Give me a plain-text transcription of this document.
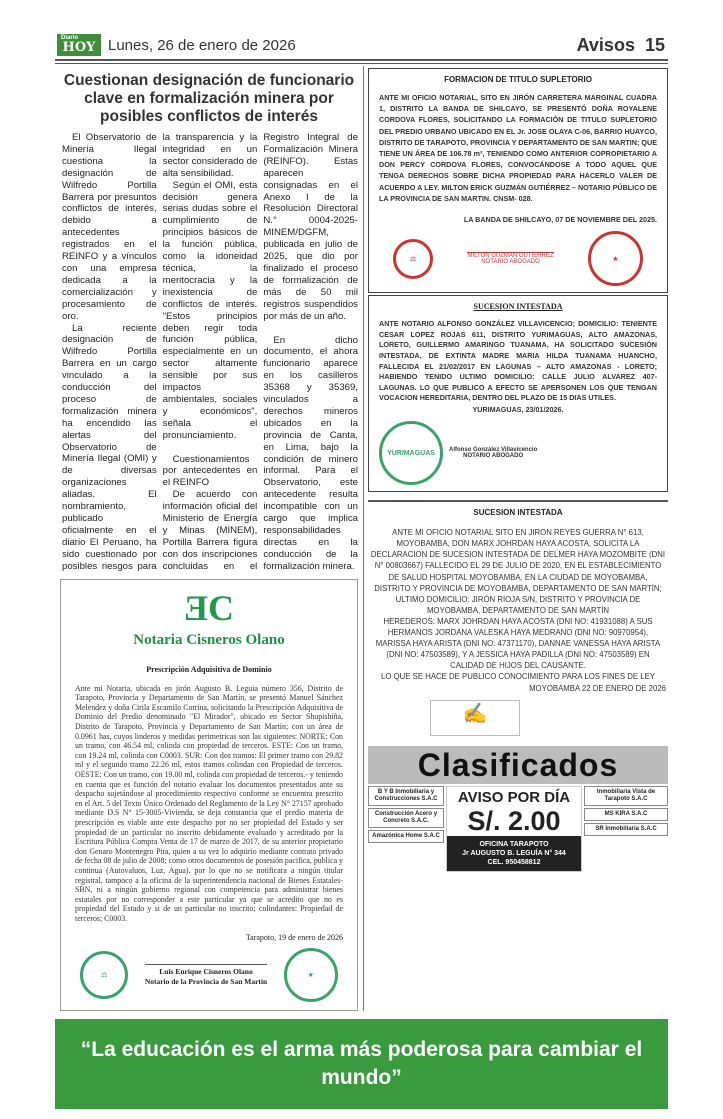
Diario
HOY Lunes, 26 de enero de 2026	Avisos 15
Cuestionan designación de funcionario clave en formalización minera por posibles conflictos de interés

El Observatorio de Minería Ilegal cuestiona la designación de Wilfredo Portilla Barrera por presuntos conflictos de interés, debido a antecedentes registrados en el REINFO y a vínculos con una empresa dedicada a la comercialización y procesamiento de oro.

La reciente designación de Wilfredo Portilla Barrera en un cargo vinculado a la conducción del proceso de formalización minera ha encendido las alertas del Observatorio de Minería Ilegal (OMI) y de diversas organizaciones aliadas. El nombramiento, publicado oficialmente en el diario El Peruano, ha sido cuestionado por posibles riesgos para la transparencia y la integridad en un sector considerado de alta sensibilidad.

Según el OMI, esta decisión genera serias dudas sobre el cumplimiento de principios básicos de la función pública, como la idoneidad técnica, la meritocracia y la inexistencia de conflictos de interés. "Estos principios deben regir toda función pública, especialmente en un sector altamente sensible por sus impactos ambientales, sociales y económicos", señala el pronunciamiento.

Cuestionamientos por antecedentes en el REINFO

De acuerdo con información oficial del Ministerio de Energía y Minas (MINEM), Portilla Barrera figura con dos inscripciones concluidas en el Registro Integral de Formalización Minera (REINFO). Estas aparecen consignadas en el Anexo I de la Resolución Directoral N.° 0004-2025-MINEM/DGFM, publicada en julio de 2025, que dio por finalizado el proceso de formalización de más de 50 mil registros suspendidos por más de un año.

En dicho documento, el ahora funcionario aparece en los casilleros 35368 y 35369, vinculados a derechos mineros ubicados en la provincia de Canta, en Lima, bajo la condición de minero informal. Para el Observatorio, este antecedente resulta incompatible con un cargo que implica responsabilidades directas en la conducción de la formalización minera.

ƎC
Notaria Cisneros Olano
Prescripción Adquisitiva de Dominio

Ante mi Notaria, ubicada en jirón Augusto B. Leguia número 356, Distrito de Tarapoto, Provincia y Departamento de San Martín, se presentó Manuel Sánchez Melendez y doña Cirila Escamilo Cotrina, solicitando la Prescripción Adquisitiva de Dominio del Predio denominado "El Mirador", ubicado en Sector Shupishiña, Distrito de Tarapoto, Provincia y Departamento de San Martín; con un área de 0.0961 has, cuyos linderos y medidas perimetricas son las siguientes: NORTE: Con un tramo, con 46.54 ml, colinda con propiedad de terceros. ESTE: Con un tramo, con 19.24 ml, colinda con C0003. SUR: Con dos tramos: El primer tramo con 29.82 ml y el segundo tramo 22.26 ml, estos tramos colindan con Propiedad de terceros. OESTE: Con un tramo, con 19.00 ml, colinda con propiedad de terceros.- y teniendo en cuenta que es función del notario evaluar los documentos presentados ante su despacho sujetándose al procedimiento respectivo conforme se encuentra prescrito en el Art. 5 del Texto Único Ordenado del Reglamento de la Ley N° 27157 aprobado mediante D.S N° 15-3005-Vivienda, se deja constancia que el predio materia de prescripción es viable ante este despacho por no ser propiedad del Estado y ser propiedad de un particular no inscrito debidamente evaluado y acreditado por la Escritura Pública Compra Venta de 17 de marzo de 2017, de su anterior propietario don Genaro Montenegro Pita, quien a su vez lo adquirio mediante contrato privado de fecha 08 de julio de 2008; como otros documentos de posesión pacifica, publica y continua (Autovaluos, Luz, Agua). por lo que no se notificara a ningún titular registral, tampoco a la oficina de la superintendencia nacional de Bienes Estatales-SBN, ni a ningún gobierno regional con competencia para administrar bienes estatales por no corresponder a este particular ya que se acredito que no es propiedad del Estado y si de un particular no inscrito; colindantes: Propiedad de terceros; C0003.

Tarapoto, 19 de enero de 2026
⚖	Luis Enrique Cisneros Olano
Notario de la Provincia de San Martín
★
FORMACION DE TITULO SUPLETORIO

ANTE MI OFICIO NOTARIAL, SITO EN JIRÓN CARRETERA MARGINAL CUADRA 1, DISTRITO LA BANDA DE SHILCAYO, SE PRESENTÓ DOÑA ROYALENE CORDOVA FLORES, SOLICITANDO LA FORMACIÓN DE TITULO SUPLETORIO DEL PREDIO URBANO UBICADO EN EL Jr. JOSE OLAYA C-06, BARRIO HUAYCO, DISTRITO DE TARAPOTO, PROVINCIA Y DEPARTAMENTO DE SAN MARTIN; QUE TIENE UN ÁREA DE 106.78 m², TENIENDO COMO ANTERIOR COPROPIETARIO A DON PERCY CORDOVA FLORES, CONVOCÁNDOSE A TODO AQUEL QUE TENGA DERECHOS SOBRE DICHA PROPIEDAD PARA HACERLO VALER DE ACUERDO A LEY. MILTON ERICK GUZMÁN GUTIÉRREZ – NOTARIO PÚBLICO DE LA PROVINCIA DE SAN MARTIN. CNSM- 028.

LA BANDA DE SHILCAYO, 07 DE NOVIEMBRE DEL 2025.

⚖	MILTON GUZMAN GUTIERREZ
NOTARIO ABOGADO	★
SUCESION INTESTADA

ANTE NOTARIO ALFONSO GONZÁLEZ VILLAVICENCIO; DOMICILIO: TENIENTE CESAR LOPEZ ROJAS 611, DISTRITO YURIMAGUAS, ALTO AMAZONAS, LORETO, GUILLERMO AMARINGO TUANAMA, HA SOLICITADO SUCESIÓN INTESTADA, DE EXTINTA MADRE MARIA HILDA TUANAMA HUANCHO, FALLECIDA EL 21/02/2017 EN LAGUNAS – ALTO AMAZONAS - LORETO; HABIENDO TENIDO ULTIMO DOMICILIO: CALLE JULIO ALVAREZ 407- LAGUNAS. LO QUE PUBLICO A EFECTO SE APERSONEN LOS QUE TENGAN VOCACION HEREDITARIA, DENTRO DEL PLAZO DE 15 DIAS UTILES.

YURIMAGUAS, 23/01/2026.

YURIMAGUAS	Alfonso González Villavicencio
NOTARIO ABOGADO
SUCESION INTESTADA

ANTE MI OFICIO NOTARIAL SITO EN JIRON REYES GUERRA N° 613, MOYOBAMBA, DON MARX JOHRDAN HAYA ACOSTA, SOLICITA LA DECLARACION DE SUCESION INTESTADA DE DELMER HAYA MOZOMBITE (DNI N° 00803667) FALLECIDO EL 29 DE JULIO DE 2020, EN EL ESTABLECIMIENTO DE SALUD HOSPITAL MOYOBAMBA, EN LA CIUDAD DE MOYOBAMBA, DISTRITO Y PROVINCIA DE MOYOBAMBA, DEPARTAMENTO DE SAN MARTÍN;

ULTIMO DOMICILIO: JIRÓN RIOJA S/N, DISTRITO Y PROVINCIA DE MOYOBAMBA, DEPARTAMENTO DE SAN MARTÍN

HEREDEROS: MARX JOHRDAN HAYA ACOSTA (DNI NO: 41931088) A SUS HERMANOS JORDANA VALESKA HAYA MEDRANO (DNI NO: 90970954), MARISSA HAYA ARISTA (DNI NO: 47371170), DANNAE VANESSA HAYA ARISTA (DNI NO: 47503589), Y A JESSICA HAYA PADILLA (DNI NO: 47503589) EN CALIDAD DE HIJOS DEL CAUSANTE.

LO QUE SE HACE DE PUBLICO CONOCIMIENTO PARA LOS FINES DE LEY

MOYOBAMBA 22 DE ENERO DE 2026

✍
Clasificados
B Y B Inmobiliaria y Construcciones S.A.C
Construcción Acero y Concreto S.A.C.
Amazónica Home S.A.C
AVISO POR DÍA
S/. 2.00
OFICINA TARAPOTO
Jr AUGUSTO B. LEGUÍA N° 344
CEL. 950458812
Inmobiliaria Vista de Tarapoto S.A.C
MS KIRA S.A.C
SR Inmobiliaria S.A.C
“La educación es el arma más poderosa para cambiar el mundo”
